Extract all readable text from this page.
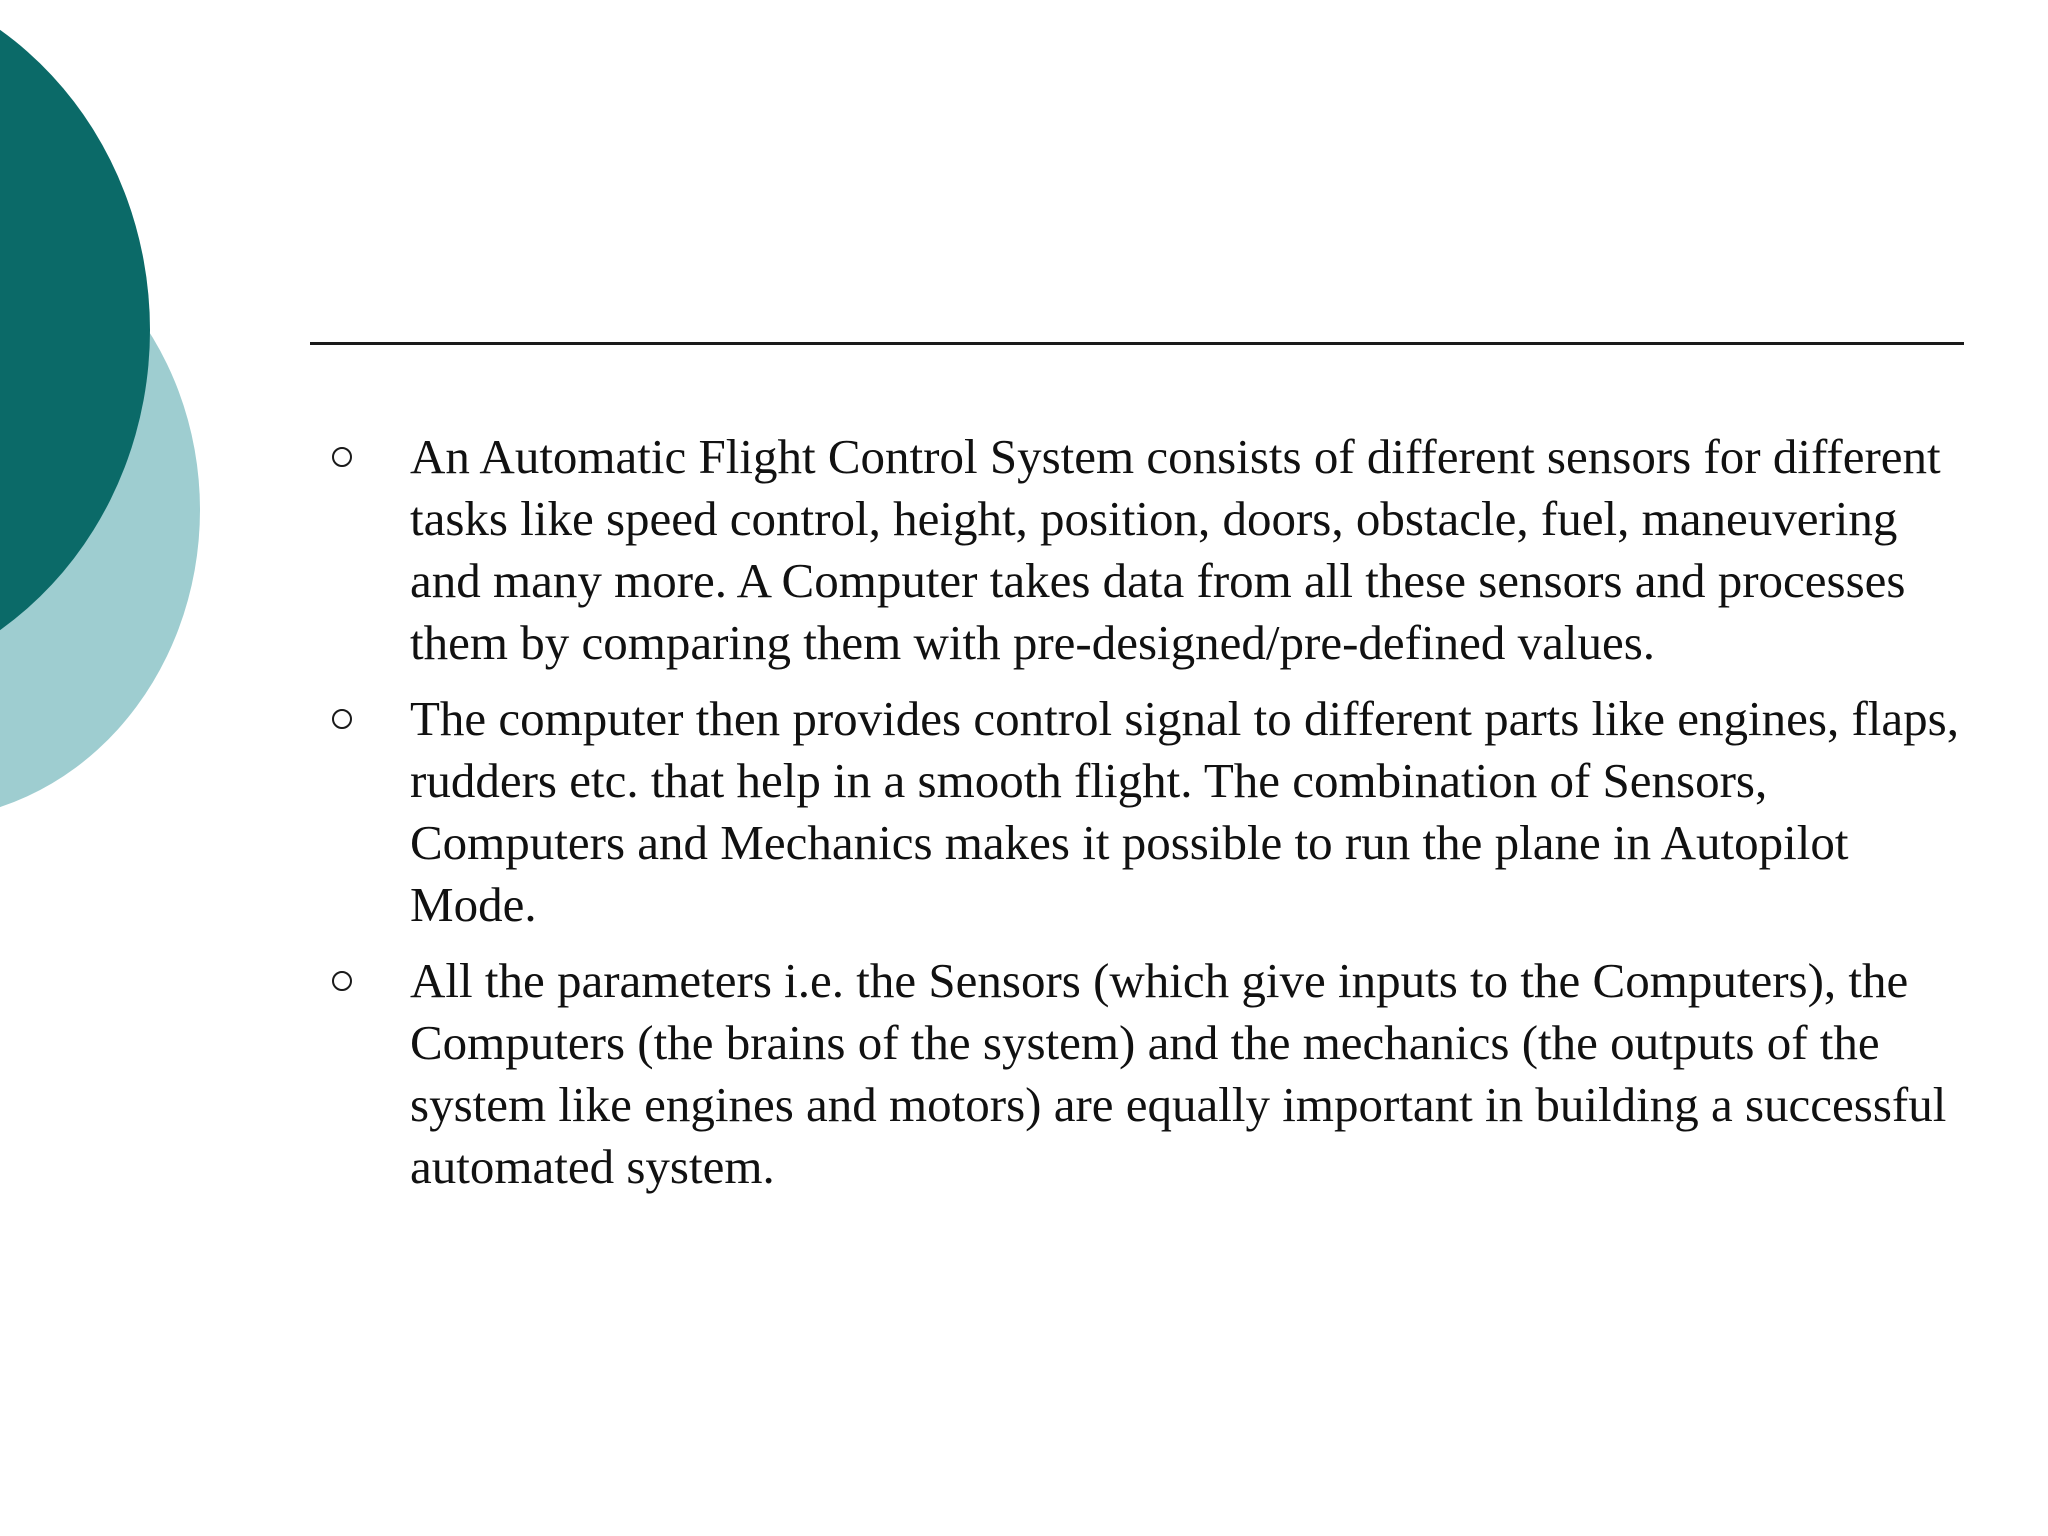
An Automatic Flight Control System consists of different sensors for different tasks like speed control, height, position, doors, obstacle, fuel, maneuvering and many more. A Computer takes data from all these sensors and processes them by comparing them with pre-designed/pre-defined values.
The computer then provides control signal to different parts like engines, flaps, rudders etc. that help in a smooth flight. The combination of Sensors, Computers and Mechanics makes it possible to run the plane in Autopilot Mode.
All the parameters i.e. the Sensors (which give inputs to the Computers), the Computers (the brains of the system) and the mechanics (the outputs of the system like engines and motors) are equally important in building a successful automated system.
